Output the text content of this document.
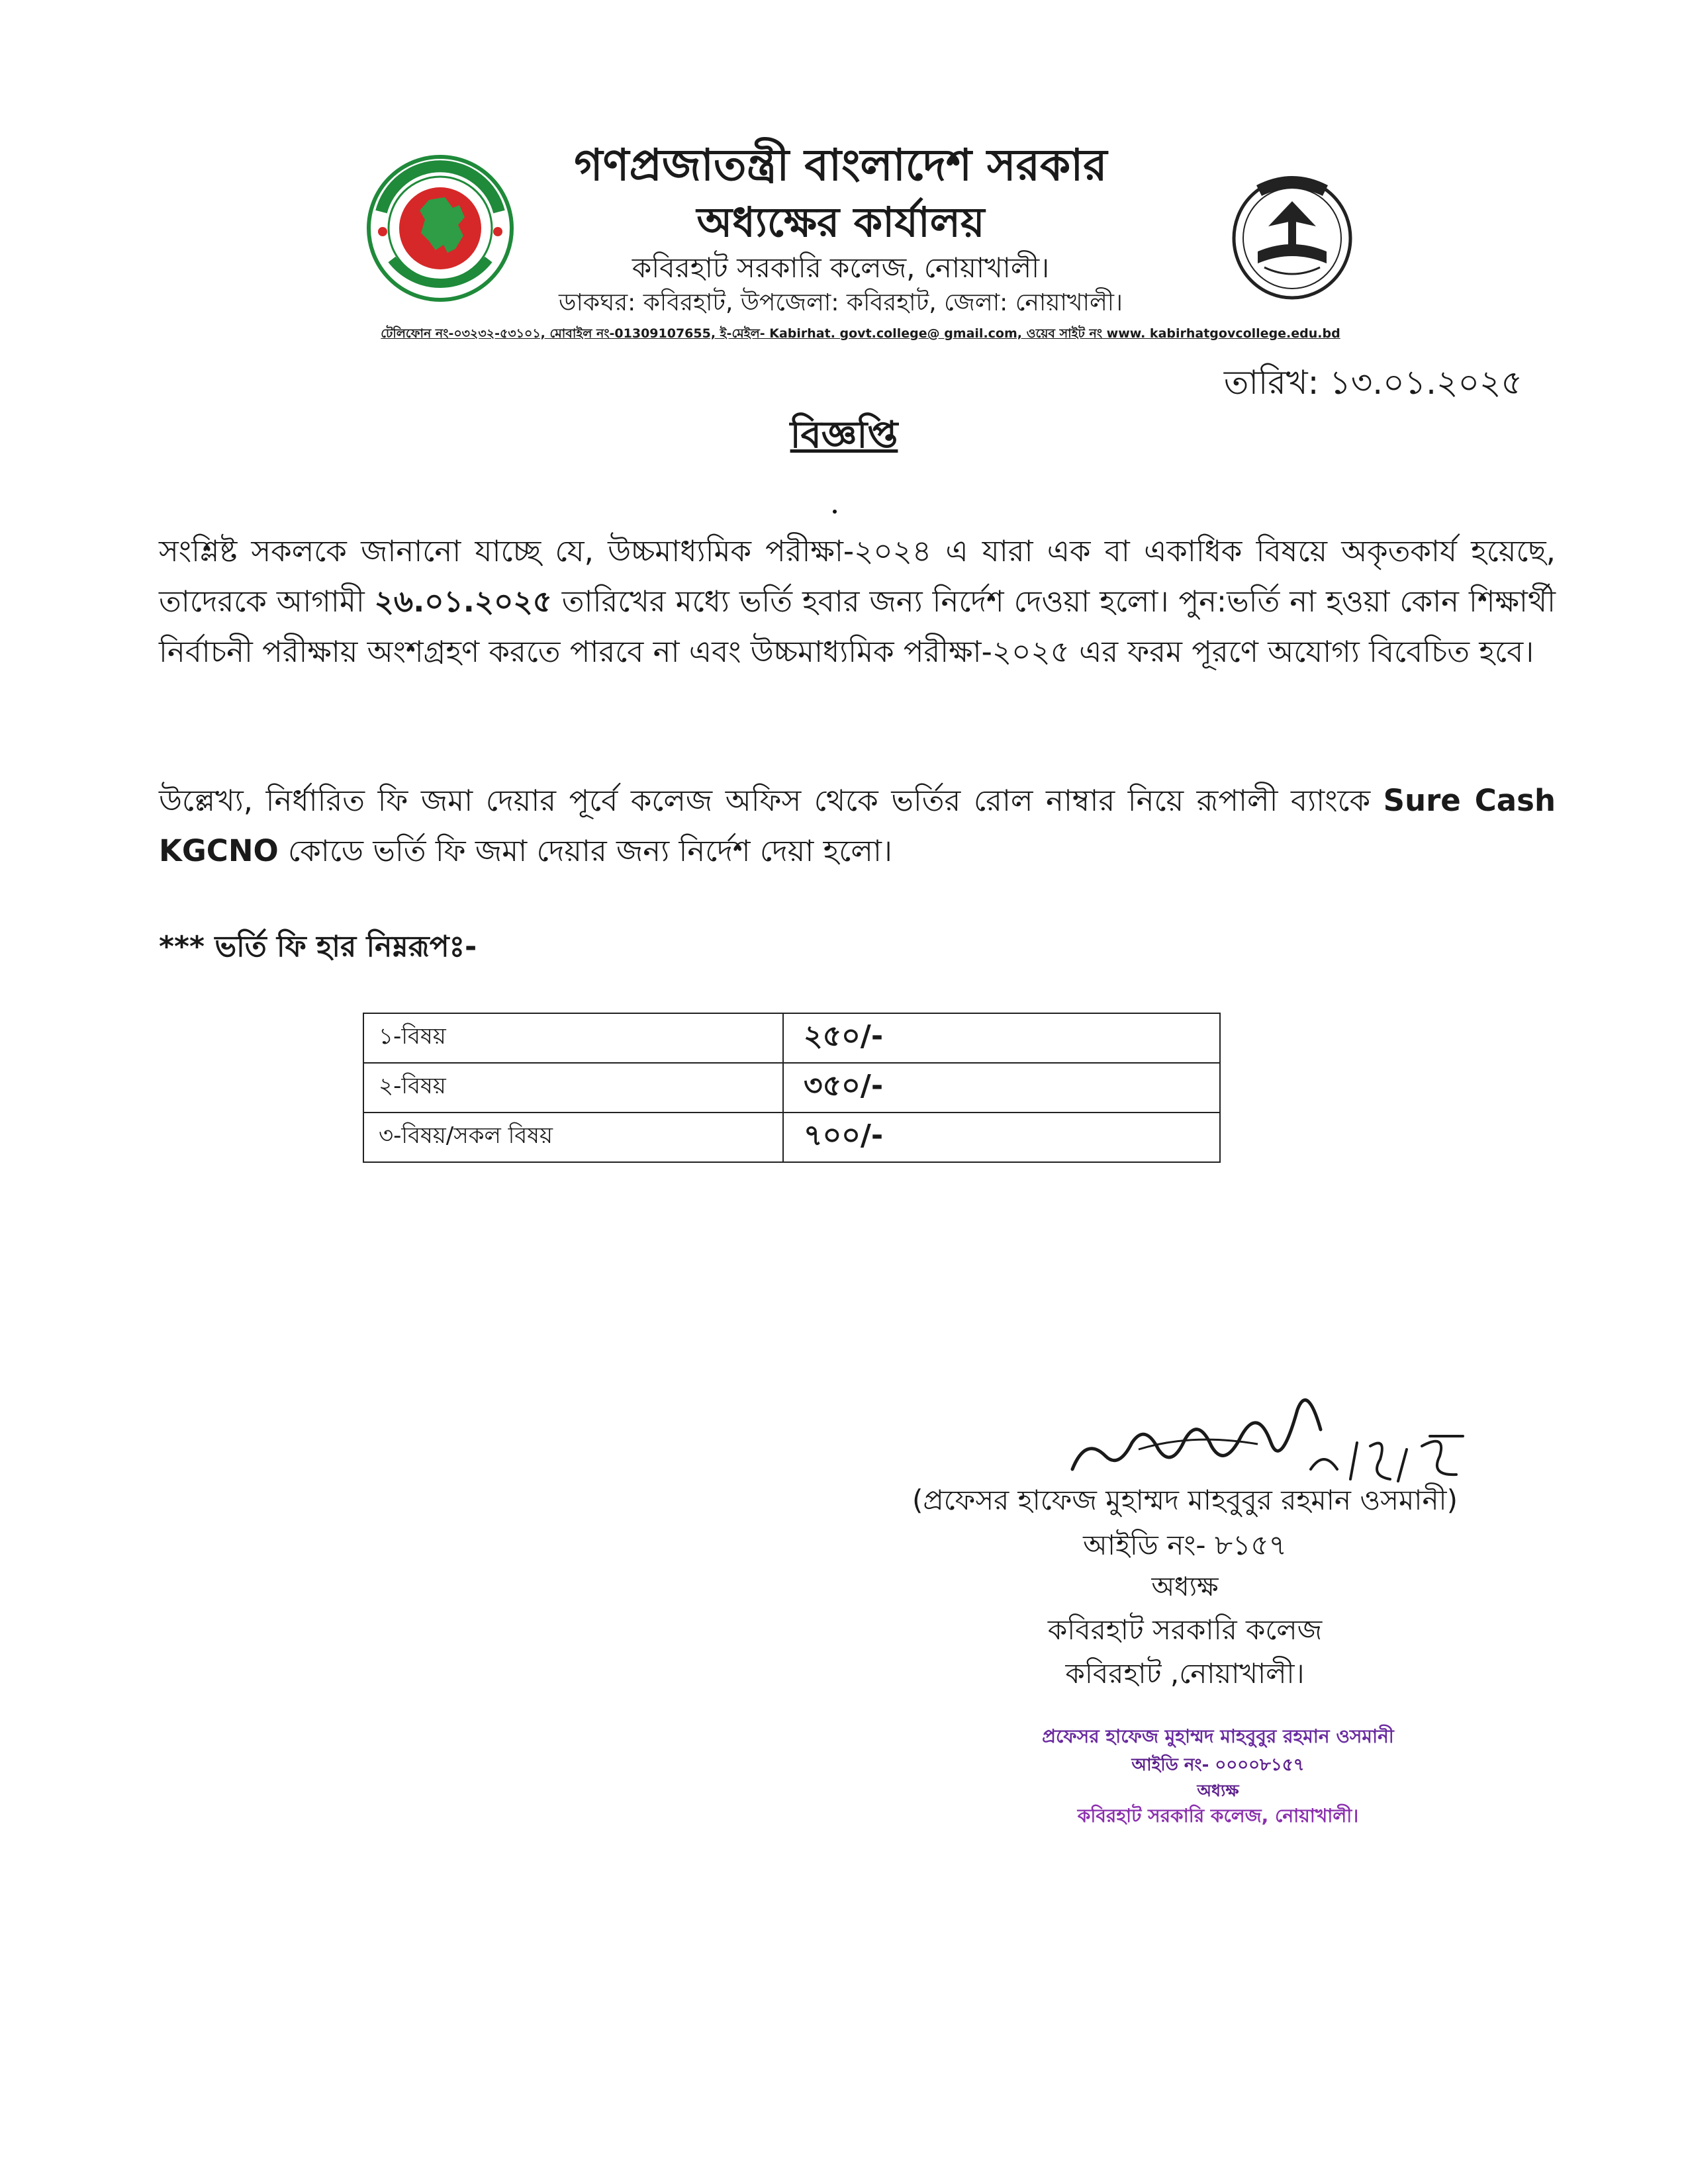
গণপ্রজাতন্ত্রী বাংলাদেশ সরকার
অধ্যক্ষের কার্যালয়
কবিরহাট সরকারি কলেজ, নোয়াখালী।
ডাকঘর: কবিরহাট, উপজেলা: কবিরহাট, জেলা: নোয়াখালী।
টেলিফোন নং-০৩২৩২-৫৩১০১, মোবাইল নং-01309107655, ই-মেইল- Kabirhat. govt.college@ gmail.com, ওয়েব সাইট নং www. kabirhatgovcollege.edu.bd
তারিখ: ১৩.০১.২০২৫
বিজ্ঞপ্তি
সংশ্লিষ্ট সকলকে জানানো যাচ্ছে যে, উচ্চমাধ্যমিক পরীক্ষা-২০২৪ এ যারা এক বা একাধিক বিষয়ে অকৃতকার্য হয়েছে, তাদেরকে আগামী ২৬.০১.২০২৫ তারিখের মধ্যে ভর্তি হবার জন্য নির্দেশ দেওয়া হলো। পুন:ভর্তি না হওয়া কোন শিক্ষার্থী নির্বাচনী পরীক্ষায় অংশগ্রহণ করতে পারবে না এবং উচ্চমাধ্যমিক পরীক্ষা-২০২৫ এর ফরম পূরণে অযোগ্য বিবেচিত হবে।
উল্লেখ্য, নির্ধারিত ফি জমা দেয়ার পূর্বে কলেজ অফিস থেকে ভর্তির রোল নাম্বার নিয়ে রূপালী ব্যাংকে Sure Cash KGCNO কোডে ভর্তি ফি জমা দেয়ার জন্য নির্দেশ দেয়া হলো।
*** ভর্তি ফি হার নিম্নরূপঃ-
১-বিষয়	২৫০/-
২-বিষয়	৩৫০/-
৩-বিষয়/সকল বিষয়	৭০০/-
(প্রফেসর হাফেজ মুহাম্মদ মাহবুবুর রহমান ওসমানী)
আইডি নং- ৮১৫৭
অধ্যক্ষ
কবিরহাট সরকারি কলেজ
কবিরহাট ,নোয়াখালী।
প্রফেসর হাফেজ মুহাম্মদ মাহবুবুর রহমান ওসমানী
আইডি নং- ০০০০৮১৫৭
অধ্যক্ষ
কবিরহাট সরকারি কলেজ, নোয়াখালী।
